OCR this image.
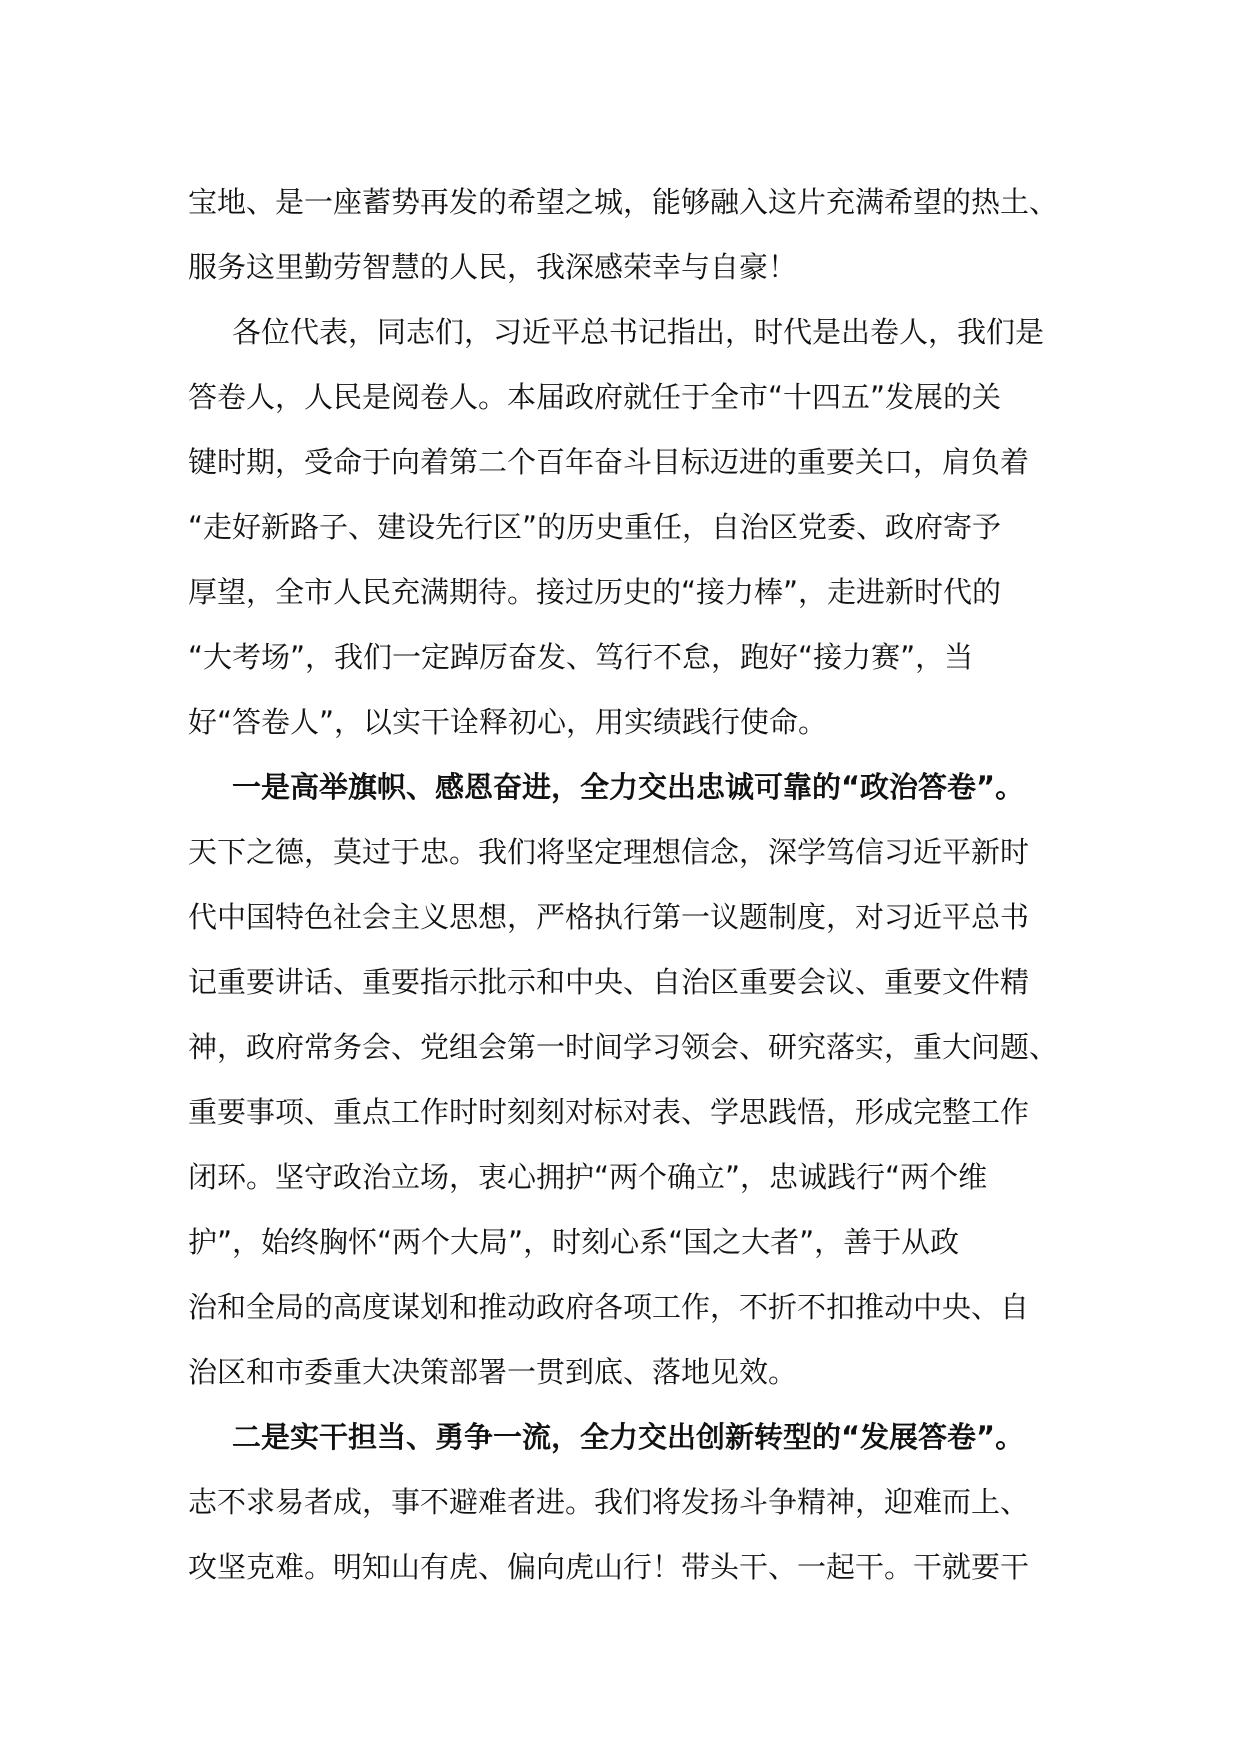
宝地、是一座蓄势再发的希望之城，能够融入这片充满希望的热土、
服务这里勤劳智慧的人民，我深感荣幸与自豪！
各位代表，同志们，习近平总书记指出，时代是出卷人，我们是
答卷人，人民是阅卷人。本届政府就任于全市“十四五”发展的关
键时期，受命于向着第二个百年奋斗目标迈进的重要关口，肩负着
“走好新路子、建设先行区”的历史重任，自治区党委、政府寄予
厚望，全市人民充满期待。接过历史的“接力棒”，走进新时代的
“大考场”，我们一定踔厉奋发、笃行不怠，跑好“接力赛”，当
好“答卷人”，以实干诠释初心，用实绩践行使命。
一是高举旗帜、感恩奋进，全力交出忠诚可靠的“政治答卷”。
天下之德，莫过于忠。我们将坚定理想信念，深学笃信习近平新时
代中国特色社会主义思想，严格执行第一议题制度，对习近平总书
记重要讲话、重要指示批示和中央、自治区重要会议、重要文件精
神，政府常务会、党组会第一时间学习领会、研究落实，重大问题、
重要事项、重点工作时时刻刻对标对表、学思践悟，形成完整工作
闭环。坚守政治立场，衷心拥护“两个确立”，忠诚践行“两个维
护”，始终胸怀“两个大局”，时刻心系“国之大者”，善于从政
治和全局的高度谋划和推动政府各项工作，不折不扣推动中央、自
治区和市委重大决策部署一贯到底、落地见效。
二是实干担当、勇争一流，全力交出创新转型的“发展答卷”。
志不求易者成，事不避难者进。我们将发扬斗争精神，迎难而上、
攻坚克难。明知山有虎、偏向虎山行！带头干、一起干。干就要干
